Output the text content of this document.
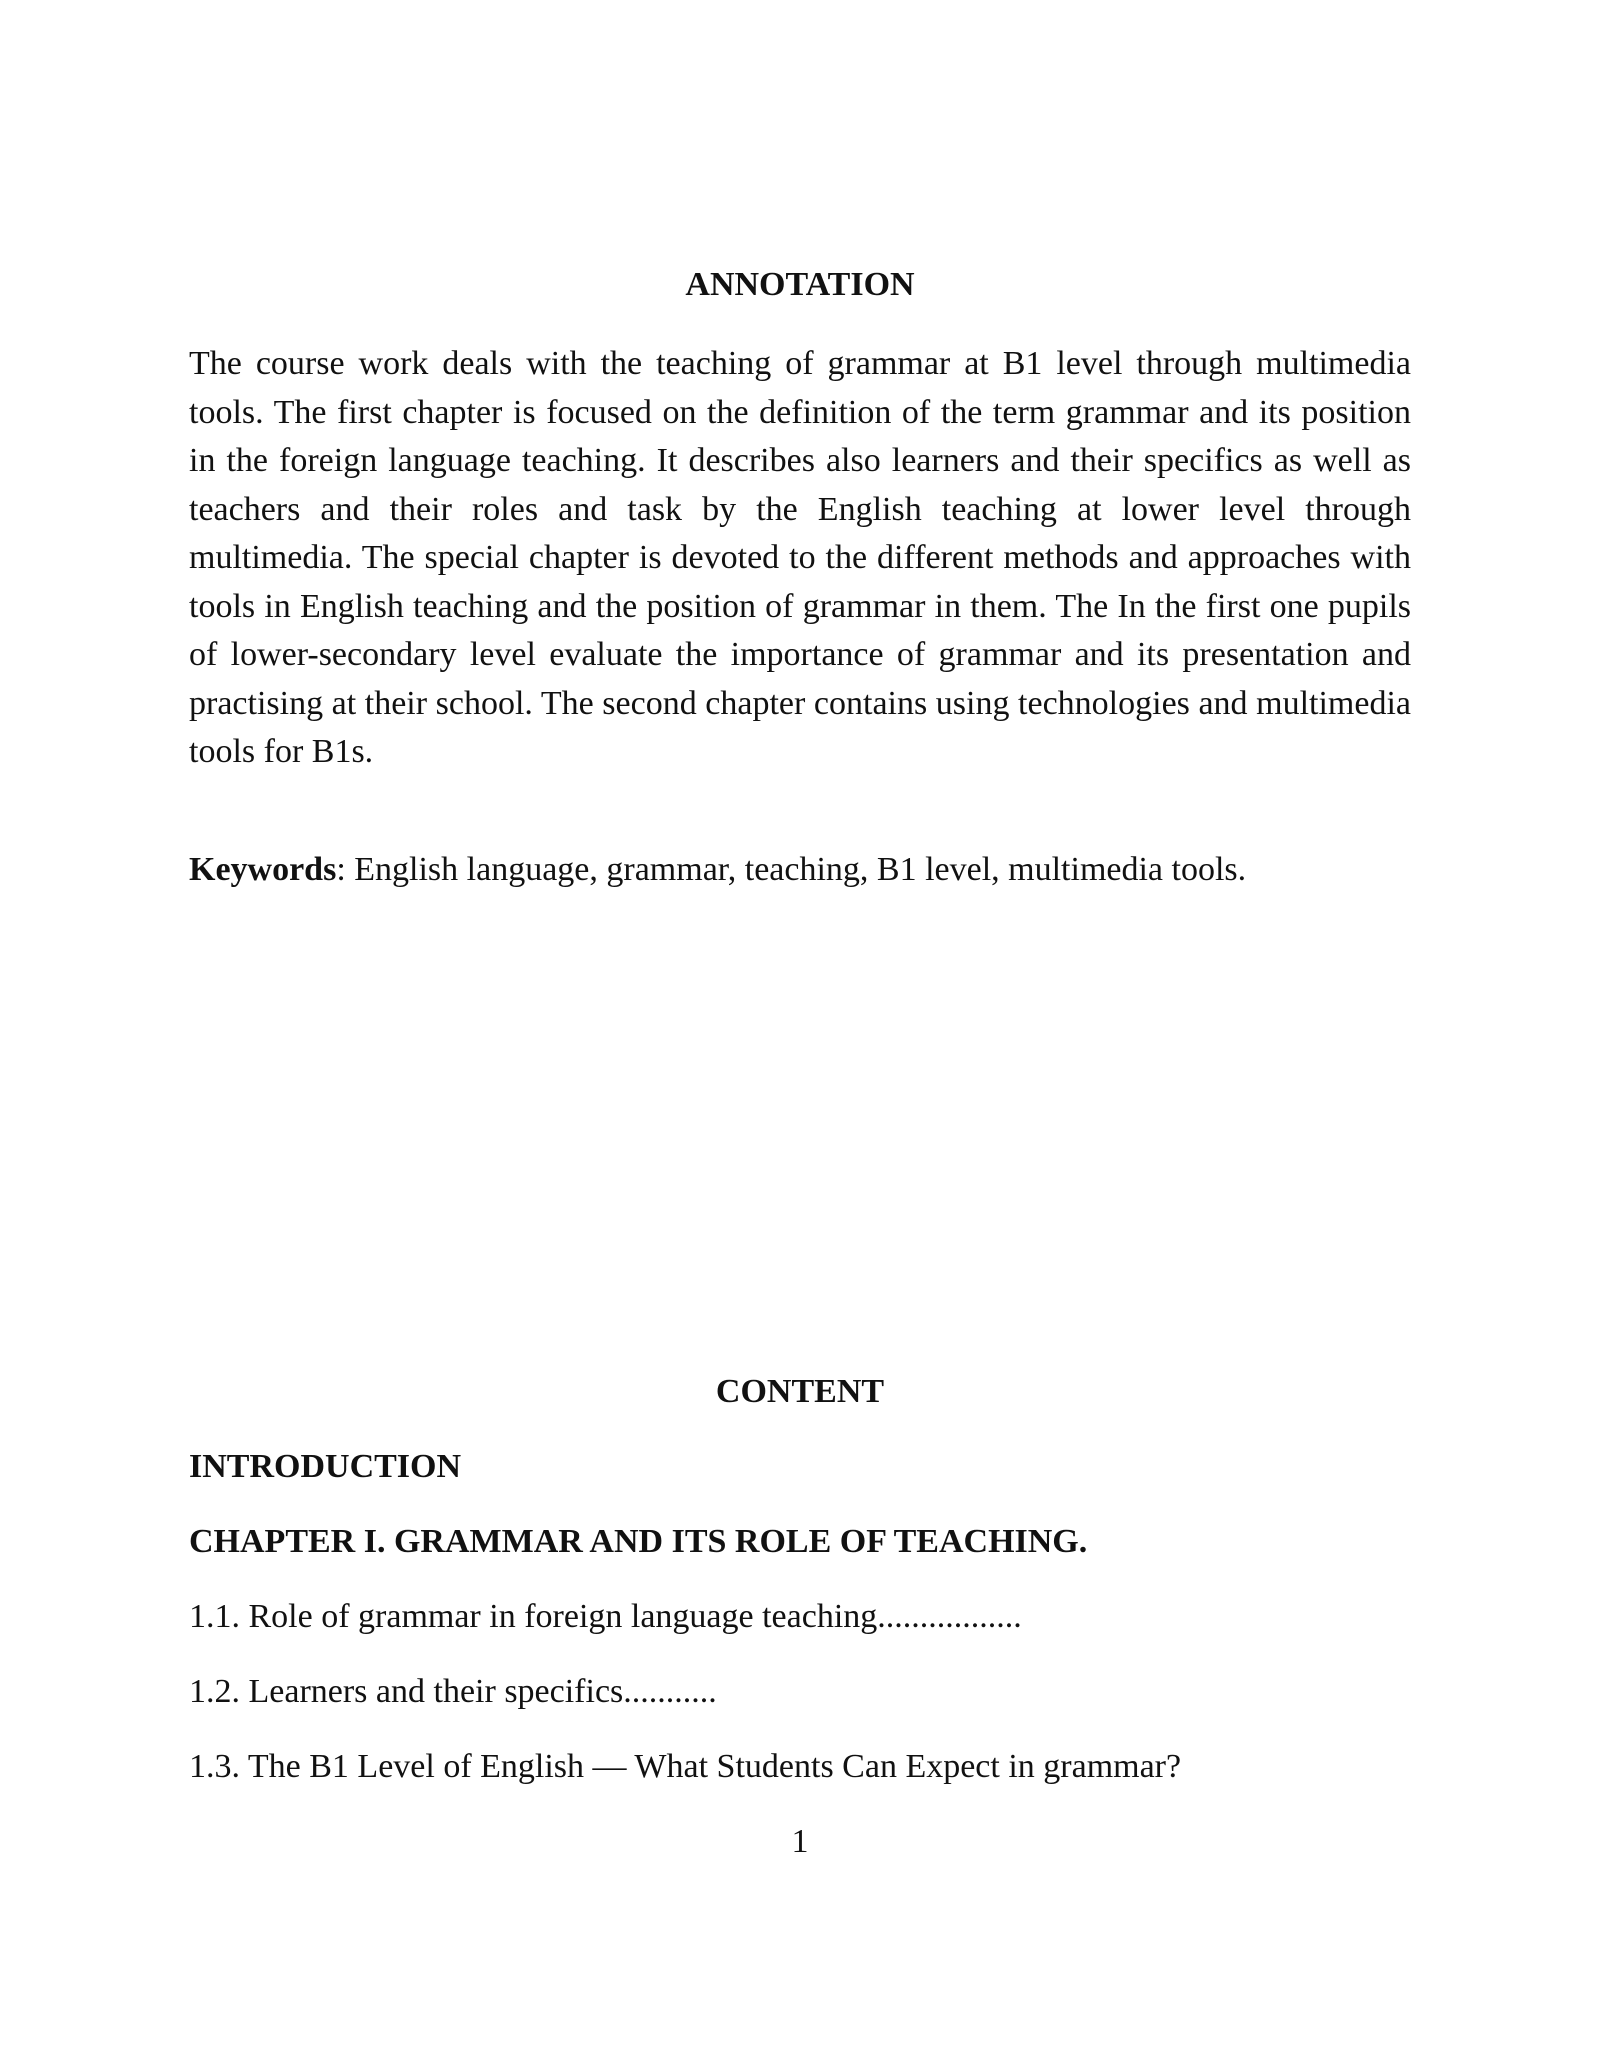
ANNOTATION

The course work deals with the teaching of grammar at B1 level through multimedia tools. The first chapter is focused on the definition of the term grammar and its position in the foreign language teaching. It describes also learners and their specifics as well as teachers and their roles and task by the English teaching at lower level through multimedia. The special chapter is devoted to the different methods and approaches with tools in English teaching and the position of grammar in them. The In the first one pupils of lower-secondary level evaluate the importance of grammar and its presentation and practising at their school. The second chapter contains using technologies and multimedia tools for B1s.

Keywords: English language, grammar, teaching, B1 level, multimedia tools.

CONTENT

INTRODUCTION

CHAPTER I. GRAMMAR AND ITS ROLE OF TEACHING.

1.1. Role of grammar in foreign language teaching.................

1.2. Learners and their specifics...........

1.3. The B1 Level of English — What Students Can Expect in grammar?

1
